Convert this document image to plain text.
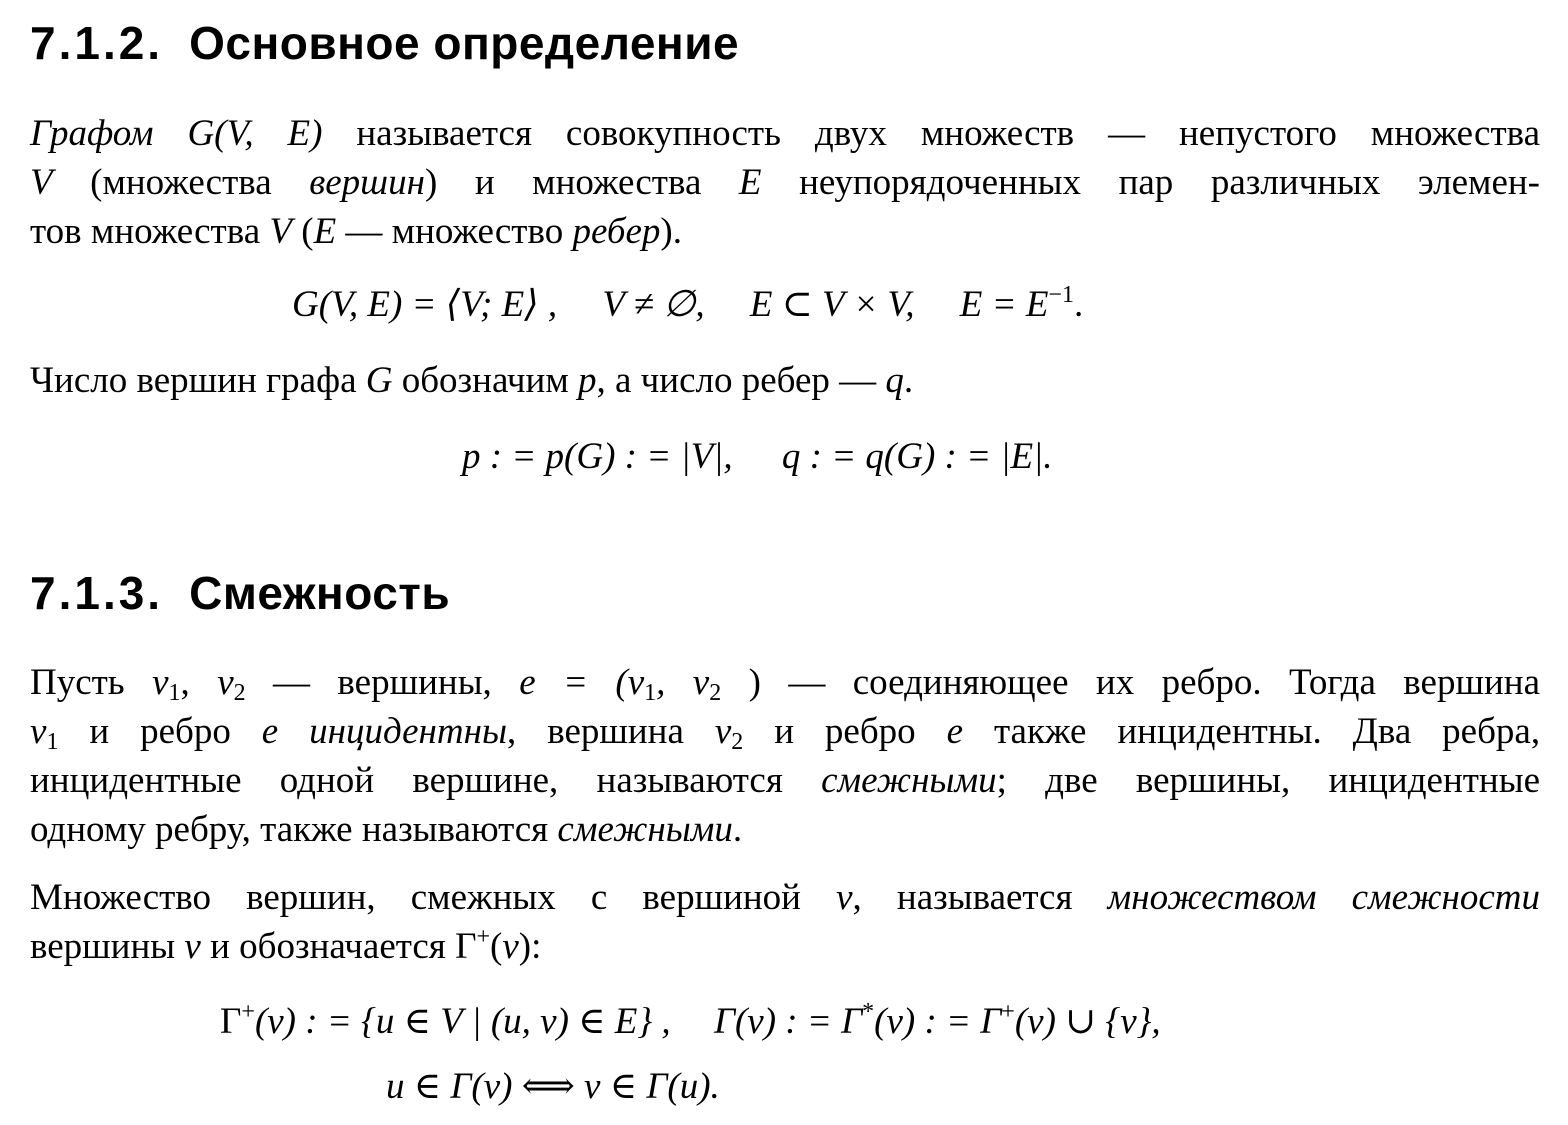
7.1.2. Основное определение
Графом G(V, E) называется совокупность двух множеств — непустого множества
V (множества вершин) и множества E неупорядоченных пар различных элемен-
тов множества V (E — множество ребер).
G(V, E) = ⟨V; E⟩ , V ≠ ∅, E ⊂ V × V, $E = E^{-1}$.
Число вершин графа G обозначим p, а число ребер — q.
p : = p(G) : = |V|, q : = q(G) : = |E|.
7.1.3. Смежность
Пусть $v_1$, $v_2$ — вершины, $e = (v_1$, $v_2$ ) — соединяющее их ребро. Тогда вершина
$v_1$ и ребро e инцидентны, вершина $v_2$ и ребро e также инцидентны. Два ребра,
инцидентные одной вершине, называются смежными; две вершины, инцидентные
одному ребру, также называются смежными.
Множество вершин, смежных с вершиной v, называется множеством смежности
вершины v и обозначается Γ+(v):
Γ+(v) : = {u ∈ V | (u, v) ∈ E} , Γ(v) : = Γ*(v) : = Γ+(v) ∪ {v},
u ∈ Γ(v) ⟺ v ∈ Γ(u).
